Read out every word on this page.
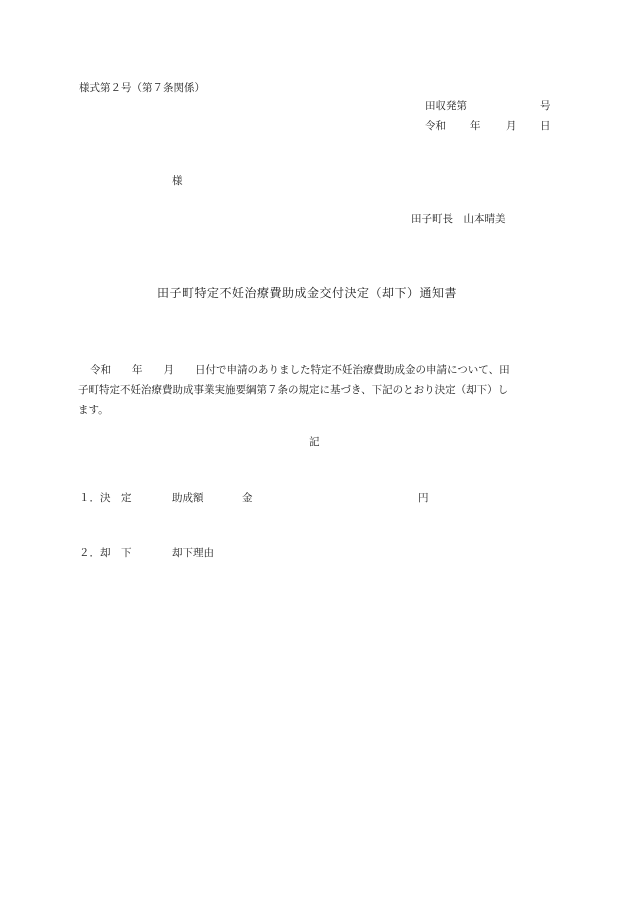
様式第２号（第７条関係）
田収発第	号
令和 年 月 日
様
田子町長　山本晴美
田子町特定不妊治療費助成金交付決定（却下）通知書
令和　　年　　月　　日付で申請のありました特定不妊治療費助成金の申請について、田
子町特定不妊治療費助成事業実施要綱第７条の規定に基づき、下記のとおり決定（却下）し
ます。
記
１．決　定	助成額	金	円
２．却　下	却下理由
